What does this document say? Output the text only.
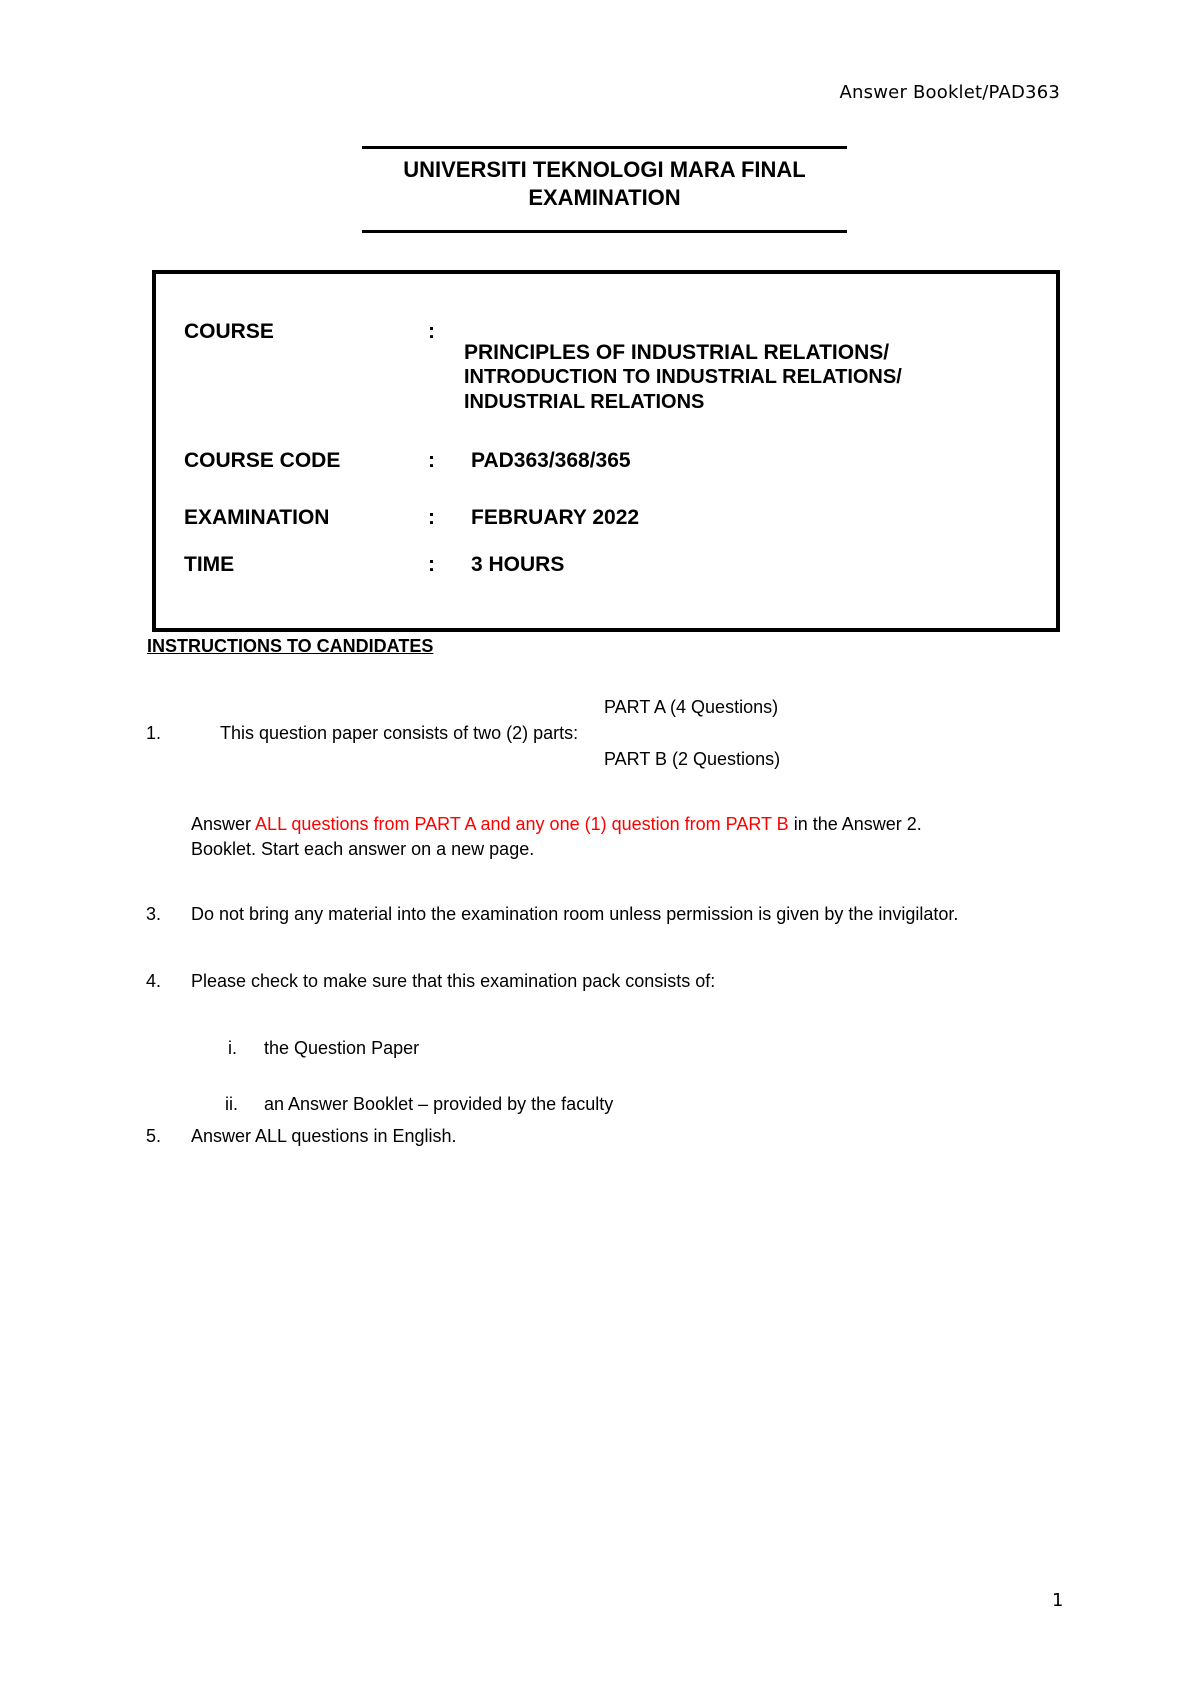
Answer Booklet/PAD363
UNIVERSITI TEKNOLOGI MARA FINAL
EXAMINATION
COURSE	:
PRINCIPLES OF INDUSTRIAL RELATIONS/
INTRODUCTION TO INDUSTRIAL RELATIONS/
INDUSTRIAL RELATIONS
COURSE CODE	: PAD363/368/365
EXAMINATION	: FEBRUARY 2022
TIME	: 3 HOURS
INSTRUCTIONS TO CANDIDATES
PART A (4 Questions)
1.	This question paper consists of two (2) parts:
PART B (2 Questions)
Answer ALL questions from PART A and any one (1) question from PART B in the Answer 2.
Booklet. Start each answer on a new page.
3. Do not bring any material into the examination room unless permission is given by the invigilator.
4. Please check to make sure that this examination pack consists of:
i. the Question Paper
ii. an Answer Booklet – provided by the faculty
5. Answer ALL questions in English.
1
